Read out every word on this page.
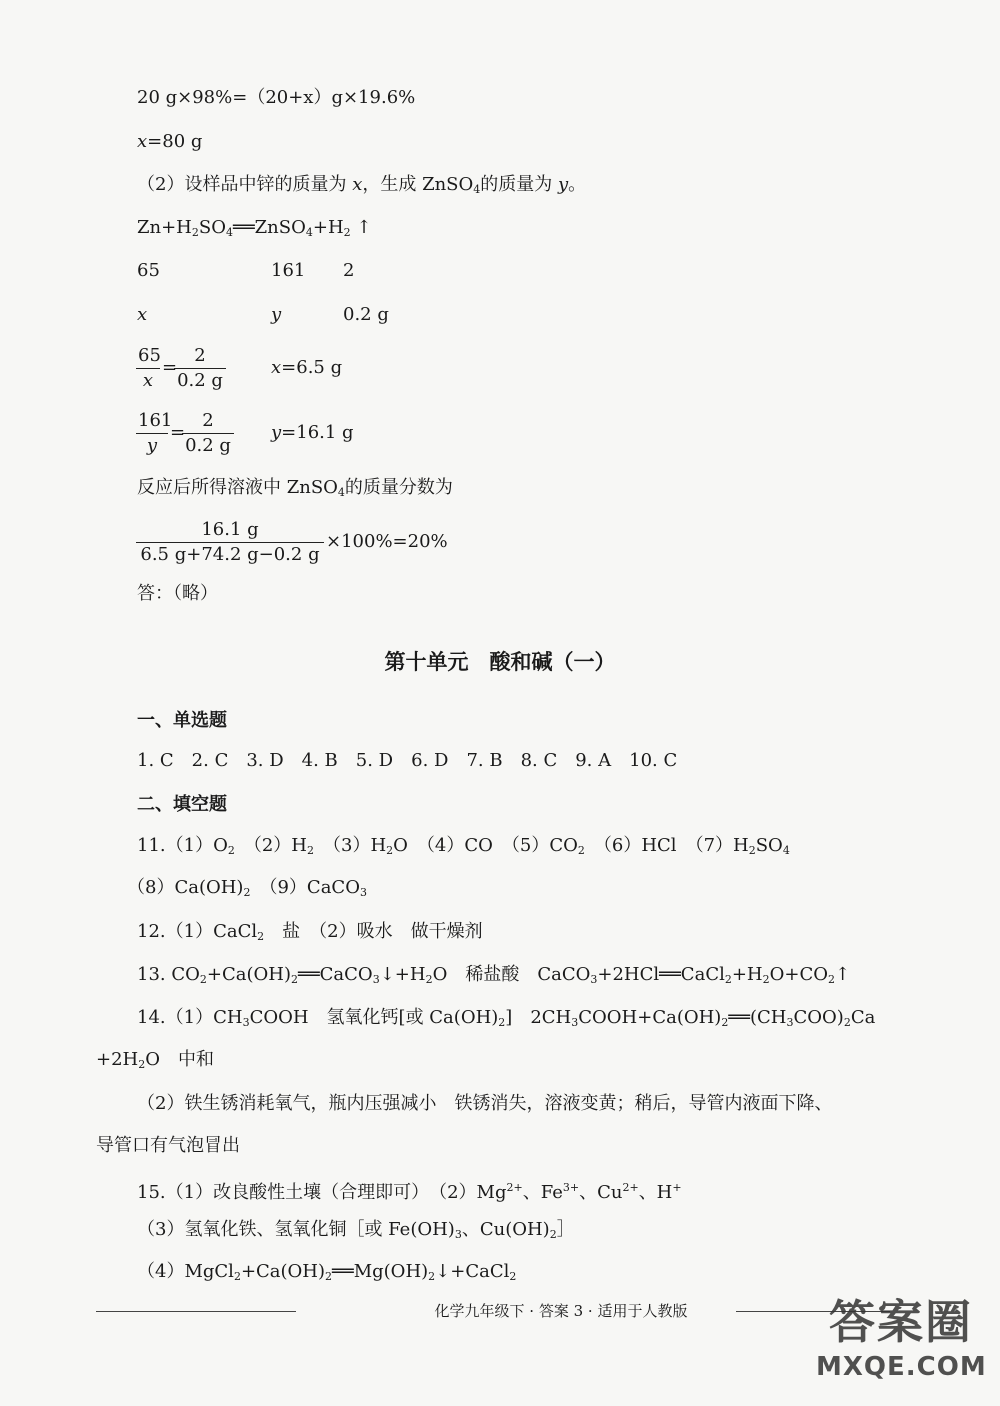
20 g×98%=（20+x）g×19.6%
x=80 g
（2）设样品中锌的质量为 x，生成 ZnSO$_4$的质量为 y。
$Zn+H_2SO_4══ZnSO_4+H_2$ ↑
65	161 2
x	y	0.2 g
$\frac{65}{x}$ =
$\frac{2}{0.2 g}$	x=6.5 g
$\frac{161}{y}$ =
$\frac{2}{0.2 g} y=16.1$ g
反应后所得溶液中 ZnSO$_4$的质量分数为
$\frac{16.1 g}{6.5 g+74.2 g-0.2 g} \times 100\%=20\%$
答：（略）
第十单元　酸和碱（一）
一、单选题
1. C　2. C　3. D　4. B　5. D　6. D　7. B　8. C　9. A　10. C
二、填空题
$11.(1)O_2$　$(2)H_2$　$(3)H_2O$　（4）CO　$(5)CO_2$　（6）HCl　$(7)H_2SO_4$
$(8)Ca(OH)_2$　（9）CaCO$_3$
12.（1）CaCl$_2$　盐　（2）吸水　做干燥剂
13. $CO_2+Ca(OH)_2══CaCO_3↓+H_2O$　稀盐酸　$CaCO_3+2HCl══CaCl_2+H_2O+CO_2↑$
$14.(1)CH_3COOH$　氢氧化钙[或 $Ca(OH)_2$]　$2CH_3COOH+Ca(OH)_2══(CH_3COO)_2Ca$
$+2H_2O$　中和
（2）铁生锈消耗氧气，瓶内压强减小　铁锈消失，溶液变黄；稍后，导管内液面下降、
导管口有气泡冒出
15.（1）改良酸性土壤（合理即可）　$(2)Mg^{2+}$、$Fe^{3+}$、$Cu^{2+}$、H+
（3）氢氧化铁、氢氧化铜［或 $Fe(OH)_3$、$Cu(OH)_2]$
$(4)MgCl_2+Ca(OH)_2══Mg(OH)_2↓+CaCl_2$
化学九年级下 · 答案 3 · 适用于人教版	答案圈
MXQE.COM
